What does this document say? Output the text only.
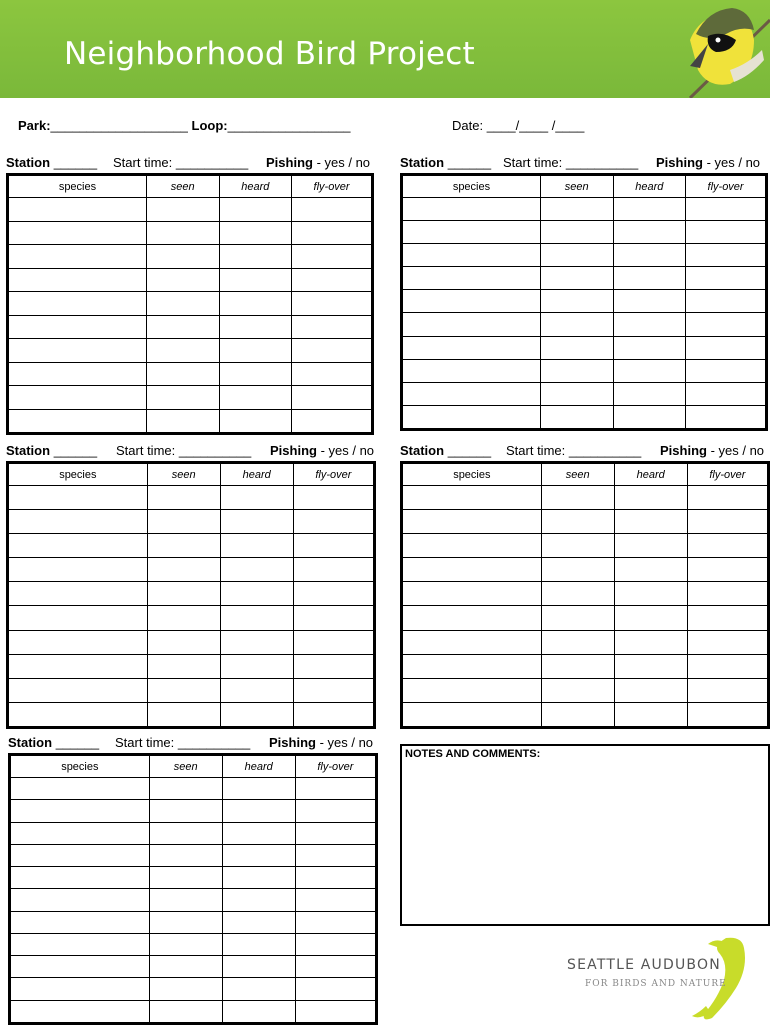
Neighborhood Bird Project
Park:___________________ Loop:_________________	Date: ____/____ /____
Station ______ Start time: __________ Pishing - yes / no
species	seen	heard	fly-over

Station ______ Start time: __________ Pishing - yes / no
species	seen	heard	fly-over

Station ______ Start time: __________ Pishing - yes / no
species	seen	heard	fly-over

Station ______ Start time: __________ Pishing - yes / no
species	seen	heard	fly-over

Station ______ Start time: __________ Pishing - yes / no
species	seen	heard	fly-over

NOTES AND COMMENTS:
SEATTLE AUDUBON
FOR BIRDS AND NATURE
